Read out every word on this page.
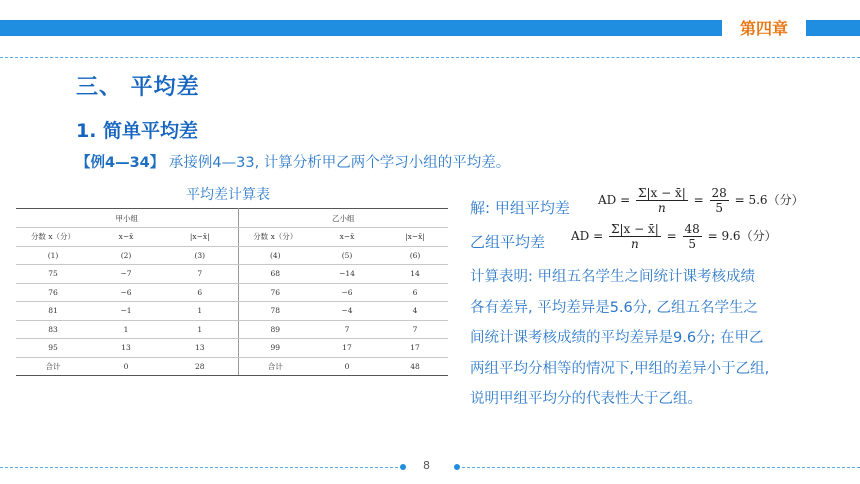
第四章
三、 平均差
1. 简单平均差
【例4—34】 承接例4—33, 计算分析甲乙两个学习小组的平均差。
平均差计算表
甲小组			乙小组		
分数 x（分）	x−x̄	|x−x̄|	分数 x（分）	x−x̄	|x−x̄|
(1)	(2)	(3)	(4)	(5)	(6)
75	−7	7	68	−14	14
76	−6	6	76	−6	6
81	−1	1	78	−4	4
83	1	1	89	7	7
95	13	13	99	17	17
合计	0	28	合计	0	48
解: 甲组平均差 AD = $\frac{\Sigma|x - x̄|}{n} = \frac{28}{5} = 5.6$（分）
乙组平均差 AD = $\frac{\Sigma|x - x̄|}{n} = \frac{48}{5} = 9.6$（分）
计算表明: 甲组五名学生之间统计课考核成绩
各有差异, 平均差异是5.6分, 乙组五名学生之
间统计课考核成绩的平均差异是9.6分; 在甲乙
两组平均分相等的情况下,甲组的差异小于乙组,
说明甲组平均分的代表性大于乙组。
8
